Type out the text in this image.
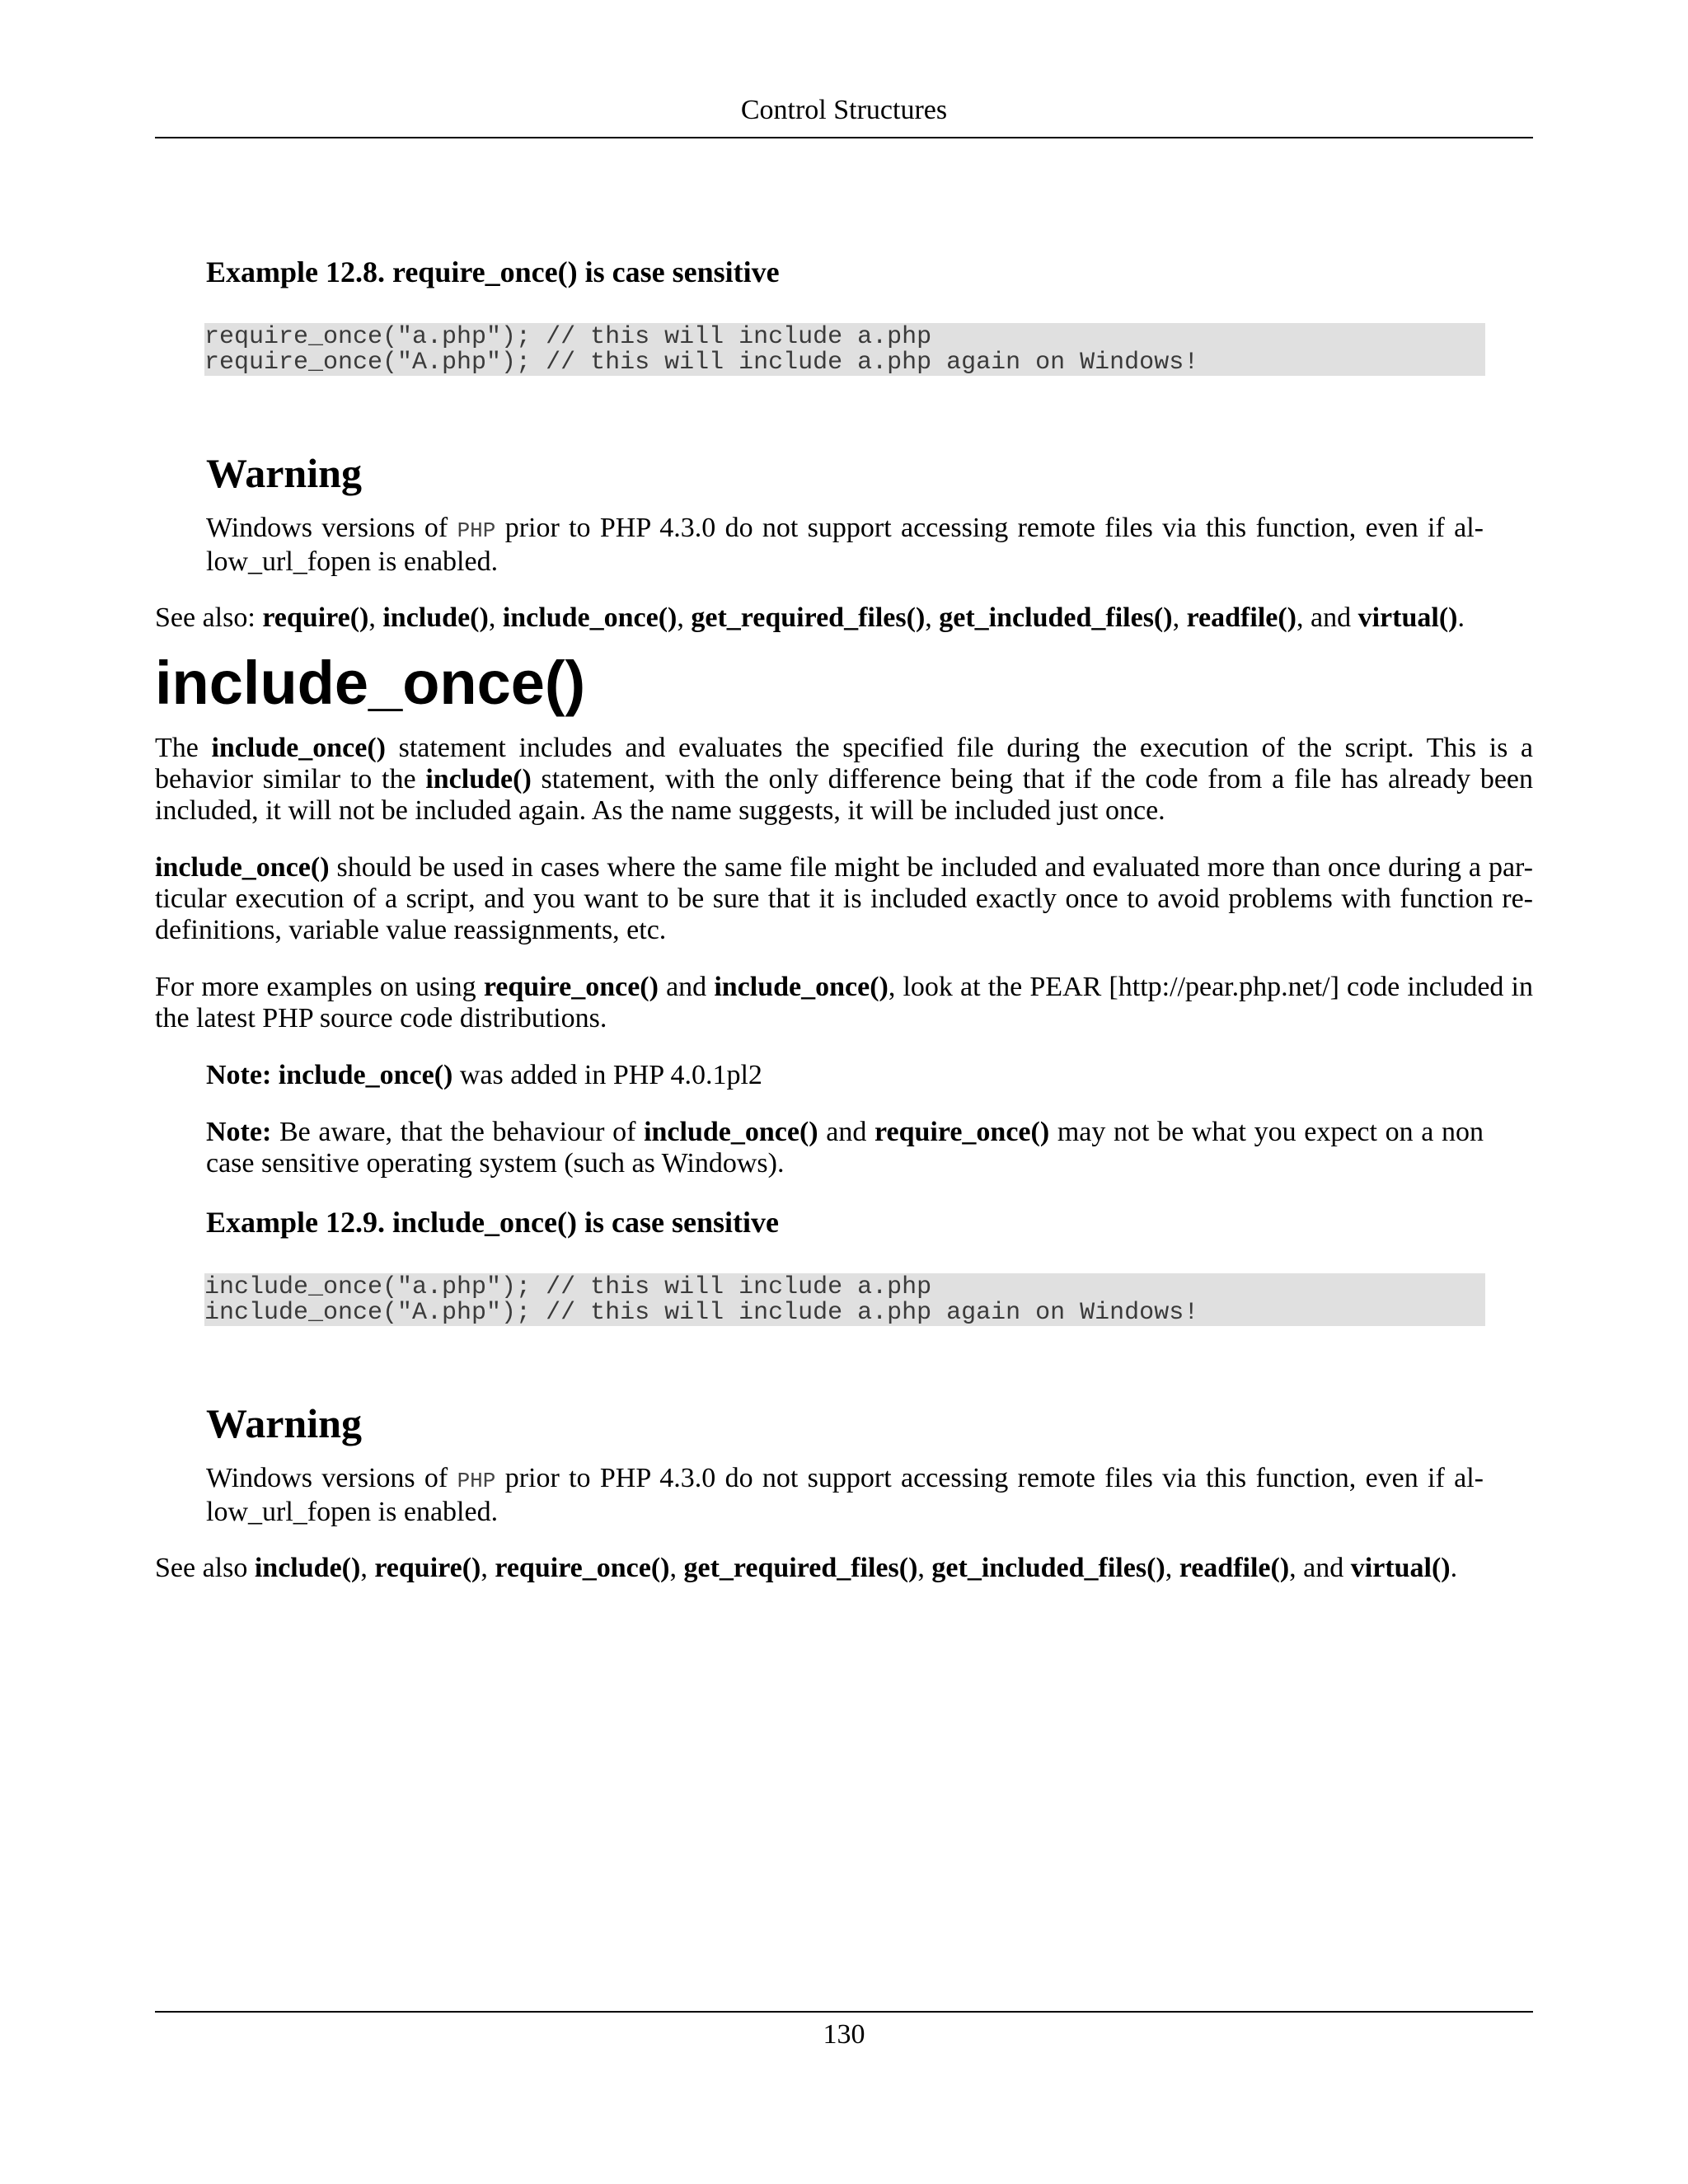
Control Structures
Example 12.8. require_once() is case sensitive
require_once("a.php"); // this will include a.php
require_once("A.php"); // this will include a.php again on Windows!
Warning

Windows versions of PHP prior to PHP 4.3.0 do not support accessing remote files via this function, even if al-low_url_fopen is enabled.

See also: require(), include(), include_once(), get_required_files(), get_included_files(), readfile(), and virtual().

include_once()

The include_once() statement includes and evaluates the specified file during the execution of the script. This is a behavior similar to the include() statement, with the only difference being that if the code from a file has already been included, it will not be included again. As the name suggests, it will be included just once.

include_once() should be used in cases where the same file might be included and evaluated more than once during a par-ticular execution of a script, and you want to be sure that it is included exactly once to avoid problems with function re-definitions, variable value reassignments, etc.

For more examples on using require_once() and include_once(), look at the PEAR [http://pear.php.net/] code included in the latest PHP source code distributions.

Note: include_once() was added in PHP 4.0.1pl2

Note: Be aware, that the behaviour of include_once() and require_once() may not be what you expect on a non case sensitive operating system (such as Windows).

Example 12.9. include_once() is case sensitive
include_once("a.php"); // this will include a.php
include_once("A.php"); // this will include a.php again on Windows!
Warning

Windows versions of PHP prior to PHP 4.3.0 do not support accessing remote files via this function, even if al-low_url_fopen is enabled.

See also include(), require(), require_once(), get_required_files(), get_included_files(), readfile(), and virtual().

130
